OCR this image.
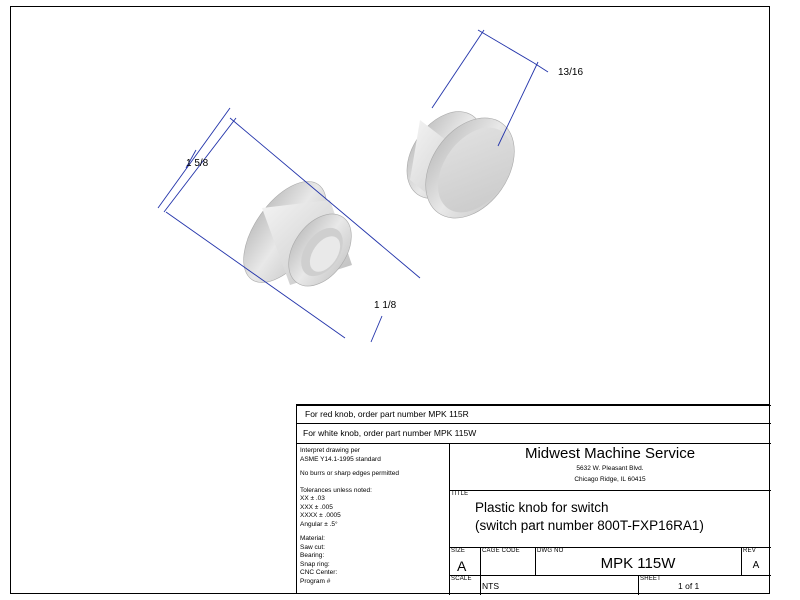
13/16
1 5/8
1 1/8
For red knob, order part number MPK 115R
For white knob, order part number MPK 115W
Interpret drawing per
ASME Y14.1-1995 standard
No burrs or sharp edges permitted
Tolerances unless noted:
XX ± .03
XXX ± .005
XXXX ± .0005
Angular ± .5°
Material:
Saw cut:
Bearing:
Snap ring:
CNC Center:
Program #
Midwest Machine Service
5632 W. Pleasant Blvd.
Chicago Ridge, IL 60415
TITLE
Plastic knob for switch
(switch part number 800T-FXP16RA1)
SIZE
A
CAGE CODE	DWG NO
MPK 115W
REV
A
SCALE
NTS
SHEET
1 of 1
